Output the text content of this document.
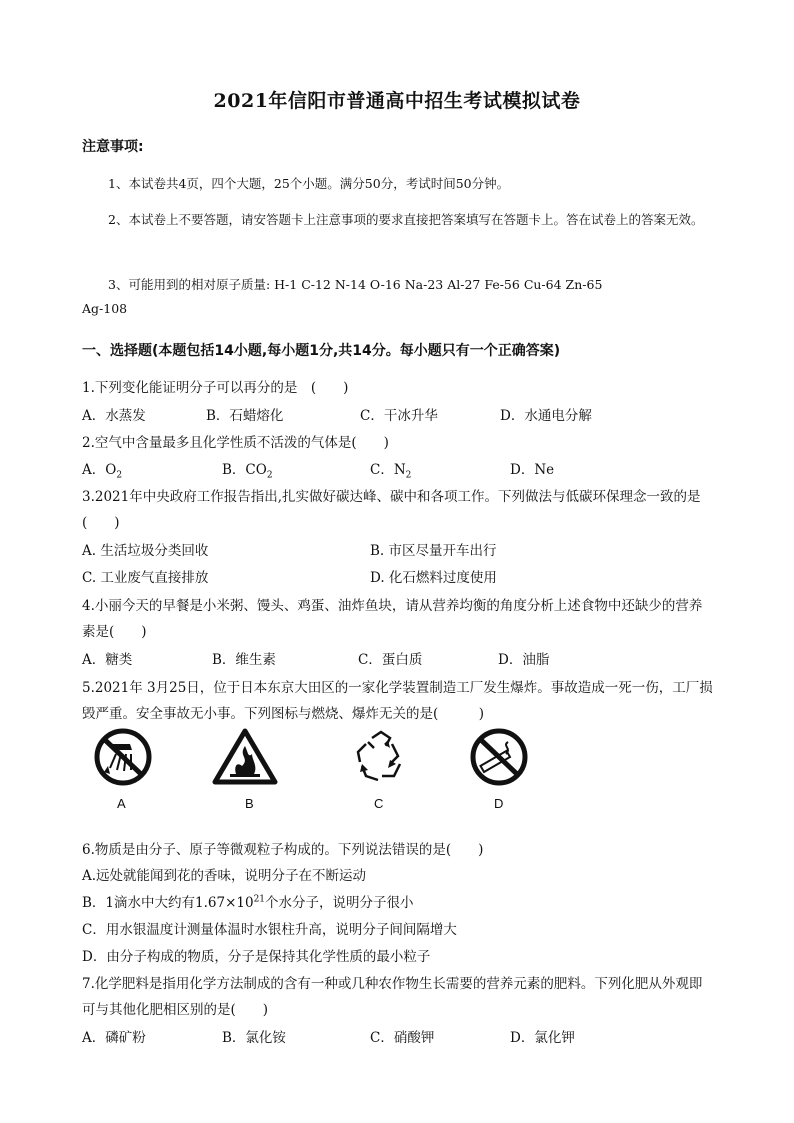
2021年信阳市普通高中招生考试模拟试卷
注意事项:
1、本试卷共4页，四个大题，25个小题。满分50分，考试时间50分钟。
2、本试卷上不要答题，请安答题卡上注意事项的要求直接把答案填写在答题卡上。答在试卷上的答案无效。
3、可能用到的相对原子质量: H-1 C-12 N-14 O-16 Na-23 Al-27 Fe-56 Cu-64 Zn-65
Ag-108
一、选择题(本题包括14小题,每小题1分,共14分。每小题只有一个正确答案)
1.下列变化能证明分子可以再分的是　(　　)
A．水蒸发	B．石蜡熔化	C．干冰升华	D．水通电分解
2.空气中含量最多且化学性质不活泼的气体是(　　)
A．$O_2$	B．$CO_2$	C．$N_2$	D．Ne
3.2021年中央政府工作报告指出,扎实做好碳达峰、碳中和各项工作。下列做法与低碳环保理念一致的是(　　)
A. 生活垃圾分类回收	B. 市区尽量开车出行
C. 工业废气直接排放	D. 化石燃料过度使用
4.小丽今天的早餐是小米粥、馒头、鸡蛋、油炸鱼块，请从营养均衡的角度分析上述食物中还缺少的营养素是(　　)
A．糖类	B．维生素	C．蛋白质	D．油脂
5.2021年 3月25日，位于日本东京大田区的一家化学装置制造工厂发生爆炸。事故造成一死一伤，工厂损毁严重。安全事故无小事。下列图标与燃烧、爆炸无关的是(　　　)
A	B	C	D
6.物质是由分子、原子等微观粒子构成的。下列说法错误的是(　　)
A.远处就能闻到花的香味，说明分子在不断运动
B．1滴水中大约有$1.67\times 10^{21}$个水分子，说明分子很小
C．用水银温度计测量体温时水银柱升高，说明分子间间隔增大
D．由分子构成的物质，分子是保持其化学性质的最小粒子
7.化学肥料是指用化学方法制成的含有一种或几种农作物生长需要的营养元素的肥料。下列化肥从外观即可与其他化肥相区别的是(　　)
A．磷矿粉	B．氯化铵	C．硝酸钾	D．氯化钾
